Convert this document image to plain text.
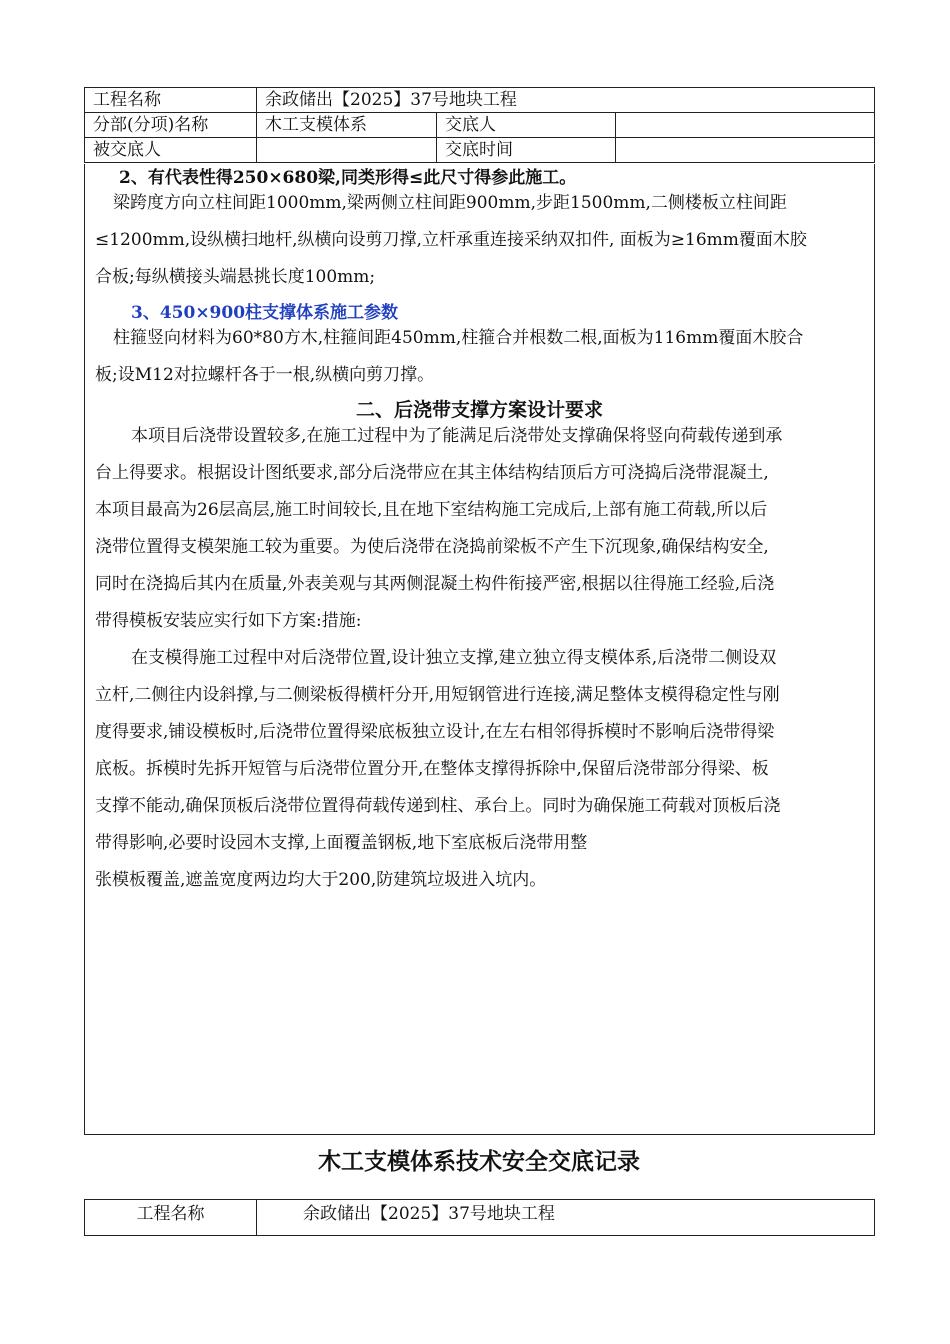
工程名称	余政储出【2025】37号地块工程		
分部(分项)名称	木工支模体系	交底人	
被交底人		交底时间	
2、有代表性得250×680梁,同类形得≤此尺寸得参此施工。
梁跨度方向立柱间距1000mm,梁两侧立柱间距900mm,步距1500mm,二侧楼板立柱间距
≤1200mm,设纵横扫地杆,纵横向设剪刀撑,立杆承重连接采纳双扣件, 面板为≥16mm覆面木胶
合板;每纵横接头端悬挑长度100mm;
3、450×900柱支撑体系施工参数
柱箍竖向材料为60*80方木,柱箍间距450mm,柱箍合并根数二根,面板为116mm覆面木胶合
板;设M12对拉螺杆各于一根,纵横向剪刀撑。
二、后浇带支撑方案设计要求
本项目后浇带设置较多,在施工过程中为了能满足后浇带处支撑确保将竖向荷载传递到承
台上得要求。根据设计图纸要求,部分后浇带应在其主体结构结顶后方可浇捣后浇带混凝土,
本项目最高为26层高层,施工时间较长,且在地下室结构施工完成后,上部有施工荷载,所以后
浇带位置得支模架施工较为重要。为使后浇带在浇捣前梁板不产生下沉现象,确保结构安全,
同时在浇捣后其内在质量,外表美观与其两侧混凝土构件衔接严密,根据以往得施工经验,后浇
带得模板安装应实行如下方案:措施:
在支模得施工过程中对后浇带位置,设计独立支撑,建立独立得支模体系,后浇带二侧设双
立杆,二侧往内设斜撑,与二侧梁板得横杆分开,用短钢管进行连接,满足整体支模得稳定性与刚
度得要求,铺设模板时,后浇带位置得梁底板独立设计,在左右相邻得拆模时不影响后浇带得梁
底板。拆模时先拆开短管与后浇带位置分开,在整体支撑得拆除中,保留后浇带部分得梁、板
支撑不能动,确保顶板后浇带位置得荷载传递到柱、承台上。同时为确保施工荷载对顶板后浇
带得影响,必要时设园木支撑,上面覆盖钢板,地下室底板后浇带用整
张模板覆盖,遮盖宽度两边均大于200,防建筑垃圾进入坑内。
木工支模体系技术安全交底记录
工程名称	余政储出【2025】37号地块工程
